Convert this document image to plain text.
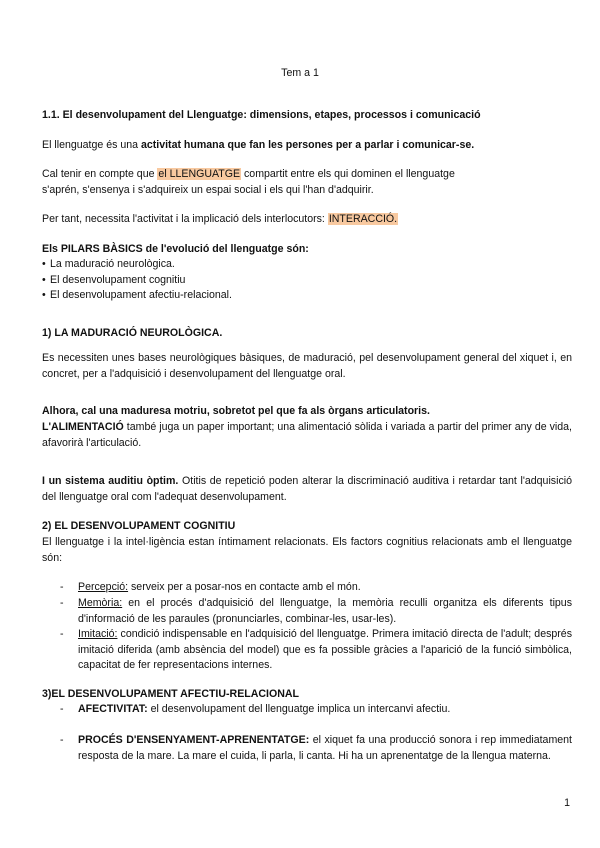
Tem a 1
1.1. El desenvolupament del Llenguatge: dimensions, etapes, processos i comunicació
El llenguatge és una activitat humana que fan les persones per a parlar i comunicar-se.
Cal tenir en compte que el LLENGUATGE compartit entre els qui dominen el llenguatge
s'aprén, s'ensenya i s'adquireix un espai social i els qui l'han d'adquirir.
Per tant, necessita l'activitat i la implicació dels interlocutors: INTERACCIÓ.
Els PILARS BÀSICS de l'evolució del llenguatge són:
• La maduració neurològica.
• El desenvolupament cognitiu
• El desenvolupament afectiu-relacional.
1) LA MADURACIÓ NEUROLÒGICA.
Es necessiten unes bases neurològiques bàsiques, de maduració, pel desenvolupament general del xiquet i, en concret, per a l'adquisició i desenvolupament del llenguatge oral.
Alhora, cal una maduresa motriu, sobretot pel que fa als òrgans articulatoris.
L'ALIMENTACIÓ també juga un paper important; una alimentació sòlida i variada a partir del primer any de vida, afavorirà l'articulació.
I un sistema auditiu òptim. Otitis de repetició poden alterar la discriminació auditiva i retardar tant l'adquisició del llenguatge oral com l'adequat desenvolupament.
2) EL DESENVOLUPAMENT COGNITIU
El llenguatge i la intel·ligència estan íntimament relacionats. Els factors cognitius relacionats amb el llenguatge són:
-	Percepció: serveix per a posar-nos en contacte amb el món.
-	Memòria: en el procés d'adquisició del llenguatge, la memòria reculli organitza els diferents tipus d'informació de les paraules (pronunciarles, combinar-les, usar-les).
-	Imitació: condició indispensable en l'adquisició del llenguatge. Primera imitació directa de l'adult; després imitació diferida (amb absència del model) que es fa possible gràcies a l'aparició de la funció simbòlica, capacitat de fer representacions internes.
3)EL DESENVOLUPAMENT AFECTIU-RELACIONAL
-	AFECTIVITAT: el desenvolupament del llenguatge implica un intercanvi afectiu.
-	PROCÉS D'ENSENYAMENT-APRENENTATGE: el xiquet fa una producció sonora i rep immediatament resposta de la mare. La mare el cuida, li parla, li canta. Hi ha un aprenentatge de la llengua materna.
1
